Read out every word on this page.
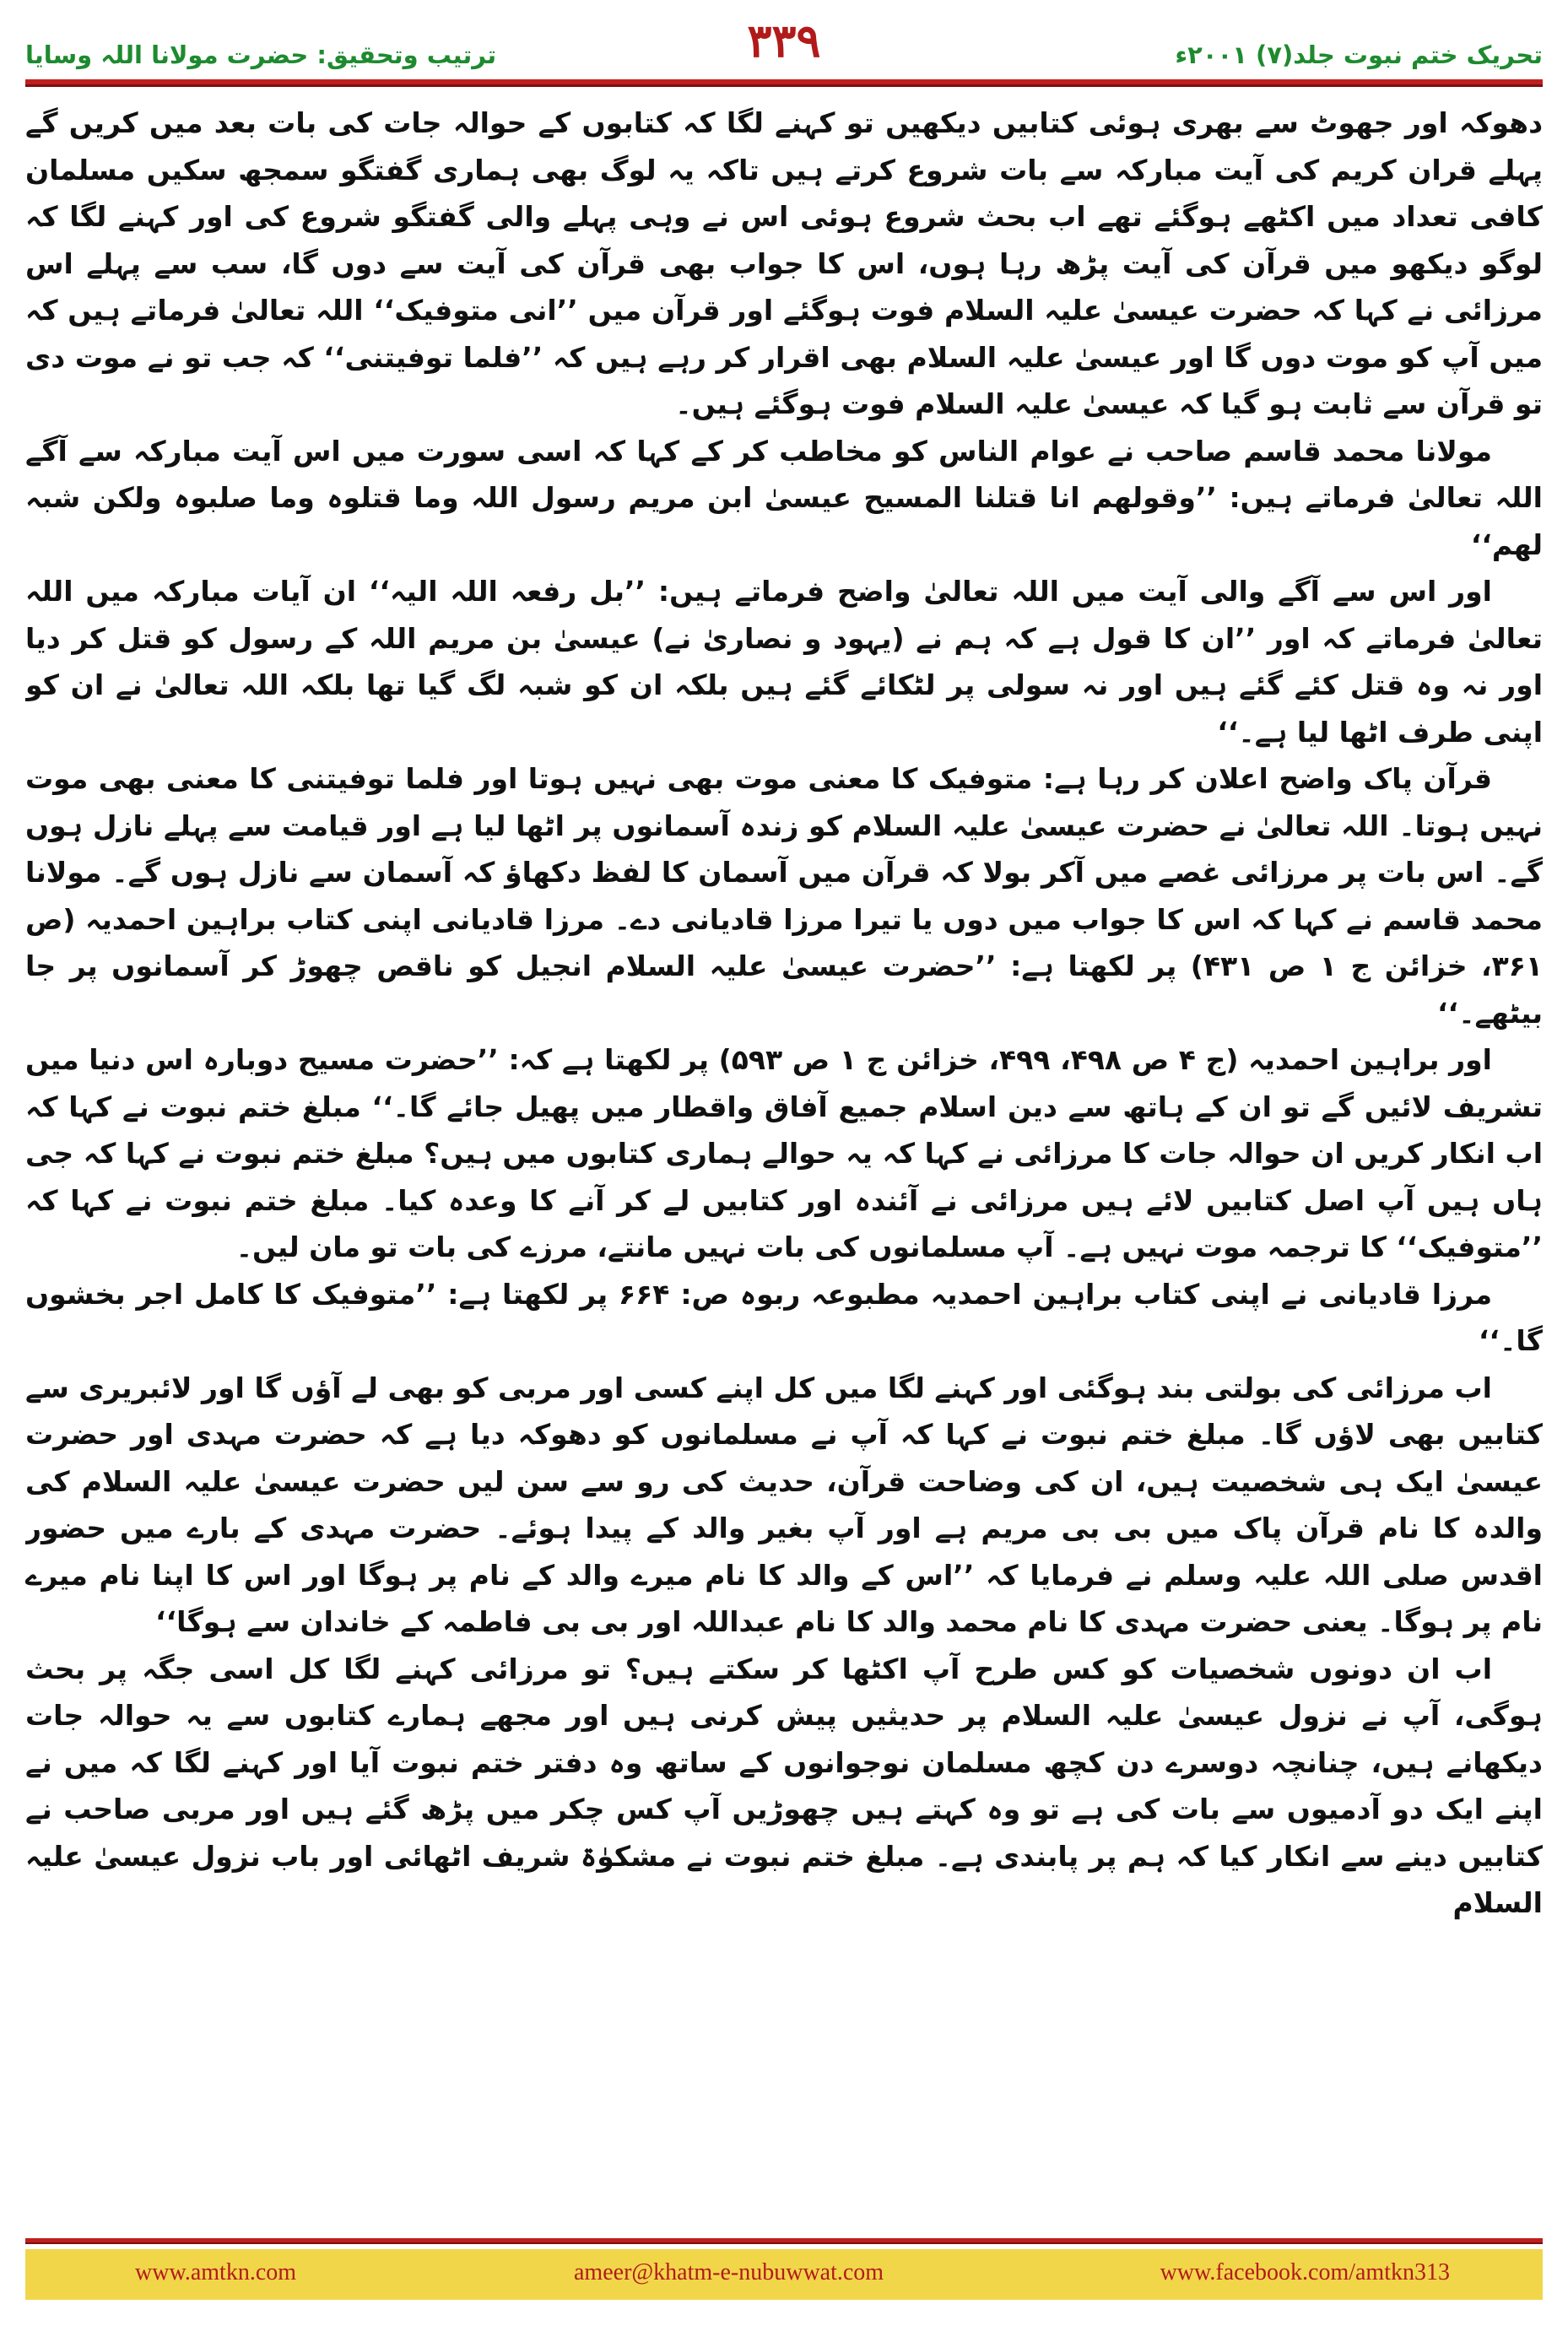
ترتیب وتحقیق: حضرت مولانا اللہ وسایا	۳۳۹	تحریک ختم نبوت جلد(۷) ۲۰۰۱ء

دھوکہ اور جھوٹ سے بھری ہوئی کتابیں دیکھیں تو کہنے لگا کہ کتابوں کے حوالہ جات کی بات بعد میں کریں گے پہلے قران کریم کی آیت مبارکہ سے بات شروع کرتے ہیں تاکہ یہ لوگ بھی ہماری گفتگو سمجھ سکیں مسلمان کافی تعداد میں اکٹھے ہوگئے تھے اب بحث شروع ہوئی اس نے وہی پہلے والی گفتگو شروع کی اور کہنے لگا کہ لوگو دیکھو میں قرآن کی آیت پڑھ رہا ہوں، اس کا جواب بھی قرآن کی آیت سے دوں گا، سب سے پہلے اس مرزائی نے کہا کہ حضرت عیسیٰ علیہ السلام فوت ہوگئے اور قرآن میں ’’انی متوفیک‘‘ اللہ تعالیٰ فرماتے ہیں کہ میں آپ کو موت دوں گا اور عیسیٰ علیہ السلام بھی اقرار کر رہے ہیں کہ ’’فلما توفیتنی‘‘ کہ جب تو نے موت دی تو قرآن سے ثابت ہو گیا کہ عیسیٰ علیہ السلام فوت ہوگئے ہیں۔

مولانا محمد قاسم صاحب نے عوام الناس کو مخاطب کر کے کہا کہ اسی سورت میں اس آیت مبارکہ سے آگے اللہ تعالیٰ فرماتے ہیں: ’’وقولھم انا قتلنا المسیح عیسیٰ ابن مریم رسول اللہ وما قتلوہ وما صلبوہ ولکن شبہ لھم‘‘

اور اس سے آگے والی آیت میں اللہ تعالیٰ واضح فرماتے ہیں: ’’بل رفعہ اللہ الیہ‘‘ ان آیات مبارکہ میں اللہ تعالیٰ فرماتے کہ اور ’’ان کا قول ہے کہ ہم نے (یہود و نصاریٰ نے) عیسیٰ بن مریم اللہ کے رسول کو قتل کر دیا اور نہ وہ قتل کئے گئے ہیں اور نہ سولی پر لٹکائے گئے ہیں بلکہ ان کو شبہ لگ گیا تھا بلکہ اللہ تعالیٰ نے ان کو اپنی طرف اٹھا لیا ہے۔‘‘

قرآن پاک واضح اعلان کر رہا ہے: متوفیک کا معنی موت بھی نہیں ہوتا اور فلما توفیتنی کا معنی بھی موت نہیں ہوتا۔ اللہ تعالیٰ نے حضرت عیسیٰ علیہ السلام کو زندہ آسمانوں پر اٹھا لیا ہے اور قیامت سے پہلے نازل ہوں گے۔ اس بات پر مرزائی غصے میں آکر بولا کہ قرآن میں آسمان کا لفظ دکھاؤ کہ آسمان سے نازل ہوں گے۔ مولانا محمد قاسم نے کہا کہ اس کا جواب میں دوں یا تیرا مرزا قادیانی دے۔ مرزا قادیانی اپنی کتاب براہین احمدیہ (ص ۳۶۱، خزائن ج ۱ ص ۴۳۱) پر لکھتا ہے: ’’حضرت عیسیٰ علیہ السلام انجیل کو ناقص چھوڑ کر آسمانوں پر جا بیٹھے۔‘‘

اور براہین احمدیہ (ج ۴ ص ۴۹۸، ۴۹۹، خزائن ج ۱ ص ۵۹۳) پر لکھتا ہے کہ: ’’حضرت مسیح دوبارہ اس دنیا میں تشریف لائیں گے تو ان کے ہاتھ سے دین اسلام جمیع آفاق واقطار میں پھیل جائے گا۔‘‘ مبلغ ختم نبوت نے کہا کہ اب انکار کریں ان حوالہ جات کا مرزائی نے کہا کہ یہ حوالے ہماری کتابوں میں ہیں؟ مبلغ ختم نبوت نے کہا کہ جی ہاں ہیں آپ اصل کتابیں لائے ہیں مرزائی نے آئندہ اور کتابیں لے کر آنے کا وعدہ کیا۔ مبلغ ختم نبوت نے کہا کہ ’’متوفیک‘‘ کا ترجمہ موت نہیں ہے۔ آپ مسلمانوں کی بات نہیں مانتے، مرزے کی بات تو مان لیں۔

مرزا قادیانی نے اپنی کتاب براہین احمدیہ مطبوعہ ربوہ ص: ۶۶۴ پر لکھتا ہے: ’’متوفیک کا کامل اجر بخشوں گا۔‘‘

اب مرزائی کی بولتی بند ہوگئی اور کہنے لگا میں کل اپنے کسی اور مربی کو بھی لے آؤں گا اور لائبریری سے کتابیں بھی لاؤں گا۔ مبلغ ختم نبوت نے کہا کہ آپ نے مسلمانوں کو دھوکہ دیا ہے کہ حضرت مہدی اور حضرت عیسیٰ ایک ہی شخصیت ہیں، ان کی وضاحت قرآن، حدیث کی رو سے سن لیں حضرت عیسیٰ علیہ السلام کی والدہ کا نام قرآن پاک میں بی بی مریم ہے اور آپ بغیر والد کے پیدا ہوئے۔ حضرت مہدی کے بارے میں حضور اقدس صلی اللہ علیہ وسلم نے فرمایا کہ ’’اس کے والد کا نام میرے والد کے نام پر ہوگا اور اس کا اپنا نام میرے نام پر ہوگا۔ یعنی حضرت مہدی کا نام محمد والد کا نام عبداللہ اور بی بی فاطمہ کے خاندان سے ہوگا‘‘

اب ان دونوں شخصیات کو کس طرح آپ اکٹھا کر سکتے ہیں؟ تو مرزائی کہنے لگا کل اسی جگہ پر بحث ہوگی، آپ نے نزول عیسیٰ علیہ السلام پر حدیثیں پیش کرنی ہیں اور مجھے ہمارے کتابوں سے یہ حوالہ جات دیکھانے ہیں، چنانچہ دوسرے دن کچھ مسلمان نوجوانوں کے ساتھ وہ دفتر ختم نبوت آیا اور کہنے لگا کہ میں نے اپنے ایک دو آدمیوں سے بات کی ہے تو وہ کہتے ہیں چھوڑیں آپ کس چکر میں پڑھ گئے ہیں اور مربی صاحب نے کتابیں دینے سے انکار کیا کہ ہم پر پابندی ہے۔ مبلغ ختم نبوت نے مشکوٰۃ شریف اٹھائی اور باب نزول عیسیٰ علیہ السلام

www.amtkn.com	ameer@khatm-e-nubuwwat.com	www.facebook.com/amtkn313
